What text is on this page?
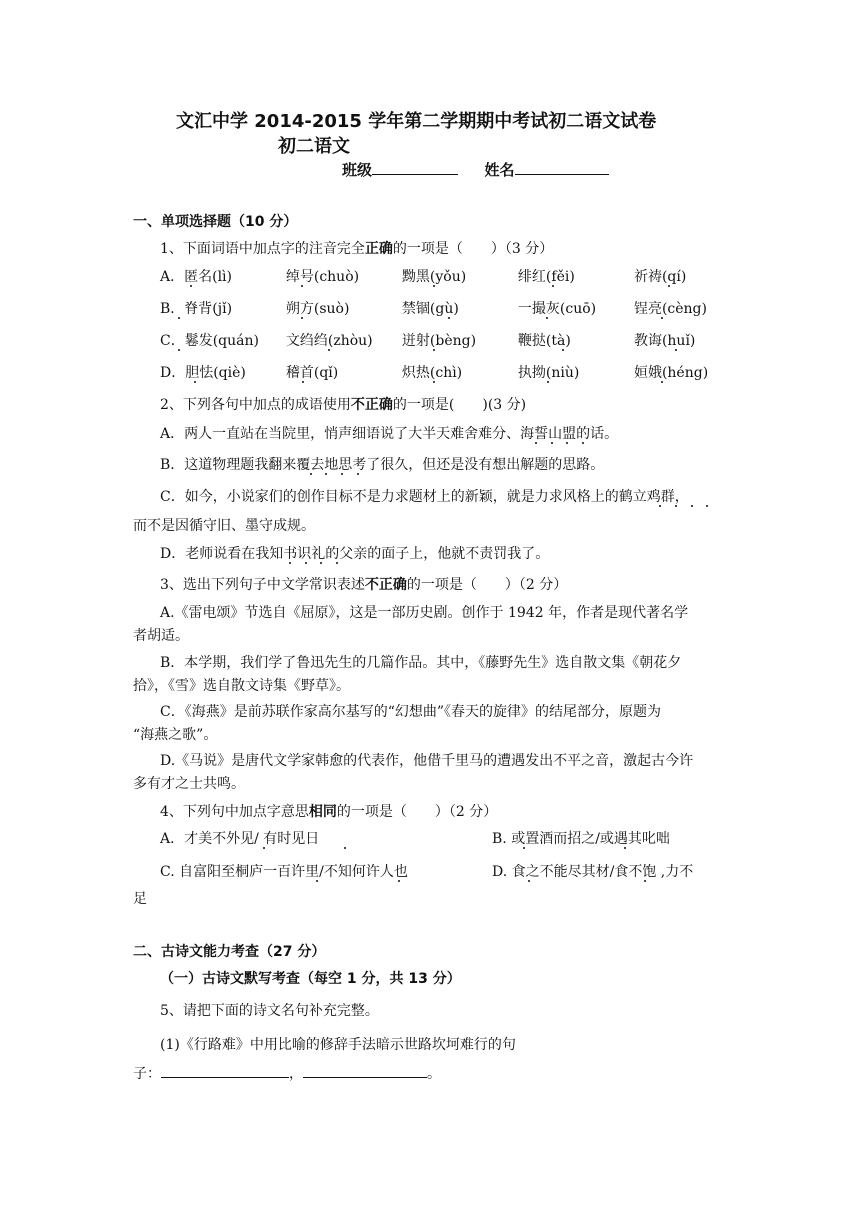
文汇中学 2014-2015 学年第二学期期中考试初二语文试卷
初二语文
班级	姓名
一、单项选择题（10 分）
1、下面词语中加点字的注音完全正确的一项是（　　）（3 分）
A．匿名(lì)	绰号(chuò)	黝黑(yǒu)	绯红(fěi)	祈祷(qí)
B．脊背(jǐ)	朔方(suò)	禁锢(gù)	一撮灰(cuō)	锃亮(cèng)
C．鬈发(quán)	文绉绉(zhòu)	迸射(bèng)	鞭挞(tà)	教诲(huǐ)
D．胆怯(qiè)	稽首(qǐ)	炽热(chì)	执拗(niù)	姮娥(héng)
2、下列各句中加点的成语使用不正确的一项是(　　)(3 分)
A．两人一直站在当院里，悄声细语说了大半天难舍难分、海誓山盟的话。
B．这道物理题我翻来覆去地思考了很久，但还是没有想出解题的思路。
C．如今，小说家们的创作目标不是力求题材上的新颖，就是力求风格上的鹤立鸡群，
而不是因循守旧、墨守成规。
D．老师说看在我知书识礼的父亲的面子上，他就不责罚我了。
3、选出下列句子中文学常识表述不正确的一项是（　　）（2 分）
A.《雷电颂》节选自《屈原》，这是一部历史剧。创作于 1942 年，作者是现代著名学
者胡适。
B．本学期，我们学了鲁迅先生的几篇作品。其中，《藤野先生》选自散文集《朝花夕
拾》，《雪》选自散文诗集《野草》。
C．《海燕》是前苏联作家高尔基写的“幻想曲”《春天的旋律》的结尾部分，原题为
“海燕之歌”。
D.《马说》是唐代文学家韩愈的代表作，他借千里马的遭遇发出不平之音，激起古今许
多有才之士共鸣。
4、下列句中加点字意思相同的一项是（　　）（2 分）
A．才美不外见/ 有时见日	B. 或置酒而招之/或遇其叱咄
C. 自富阳至桐庐一百许里/不知何许人也	D. 食之不能尽其材/食不饱 ,力不
足
二、古诗文能力考查（27 分）
（一）古诗文默写考查（每空 1 分，共 13 分）
5、请把下面的诗文名句补充完整。
(1)《行路难》中用比喻的修辞手法暗示世路坎坷难行的句
子：	，	。
